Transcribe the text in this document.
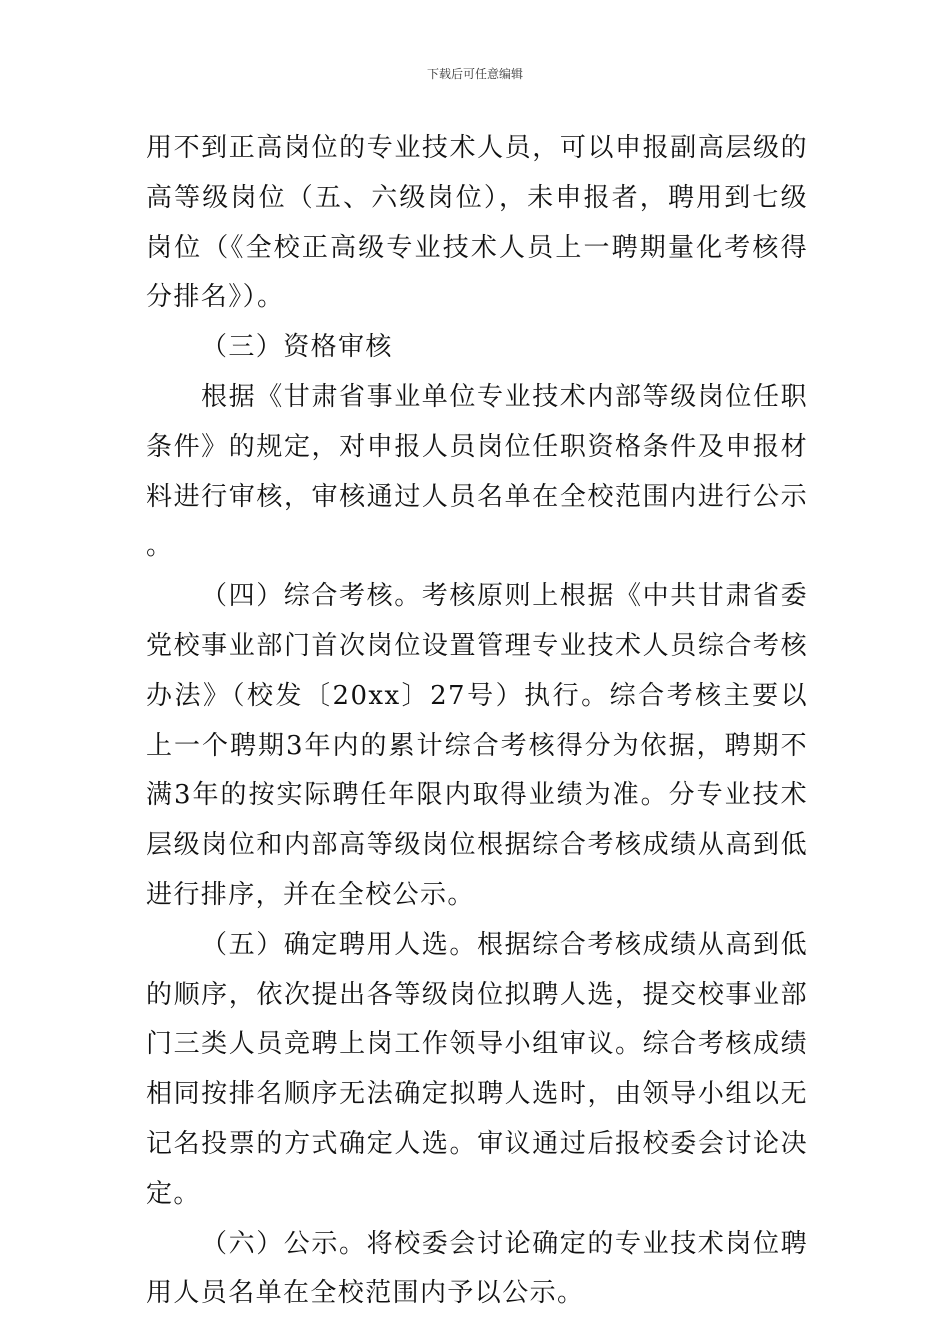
下载后可任意编辑

用不到正高岗位的专业技术人员，可以申报副高层级的高等级岗位（五、六级岗位），未申报者，聘用到七级岗位（《全校正高级专业技术人员上一聘期量化考核得分排名》）。

（三）资格审核

根据《甘肃省事业单位专业技术内部等级岗位任职条件》的规定，对申报人员岗位任职资格条件及申报材料进行审核，审核通过人员名单在全校范围内进行公示。

（四）综合考核。考核原则上根据《中共甘肃省委党校事业部门首次岗位设置管理专业技术人员综合考核办法》（校发〔20xx〕27号）执行。综合考核主要以上一个聘期3年内的累计综合考核得分为依据，聘期不满3年的按实际聘任年限内取得业绩为准。分专业技术层级岗位和内部高等级岗位根据综合考核成绩从高到低进行排序，并在全校公示。

（五）确定聘用人选。根据综合考核成绩从高到低的顺序，依次提出各等级岗位拟聘人选，提交校事业部门三类人员竞聘上岗工作领导小组审议。综合考核成绩相同按排名顺序无法确定拟聘人选时，由领导小组以无记名投票的方式确定人选。审议通过后报校委会讨论决定。

（六）公示。将校委会讨论确定的专业技术岗位聘用人员名单在全校范围内予以公示。
